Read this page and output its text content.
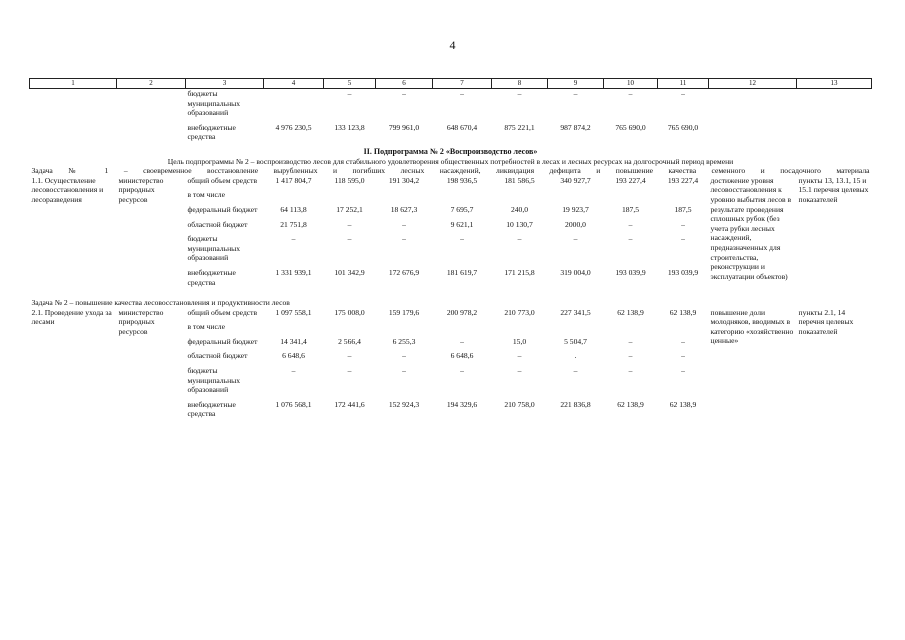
4
1	2	3	4	5	6	7	8	9	10	11	12	13
		бюджеты муниципальных образований		–	–	–	–	–	–	–		
		внебюджетные средства	4 976 230,5	133 123,8	799 961,0	648 670,4	875 221,1	987 874,2	765 690,0	765 690,0		
II. Подпрограмма № 2 «Воспроизводство лесов»												
Цель подпрограммы № 2 – воспроизводство лесов для стабильного удовлетворения общественных потребностей в лесах и лесных ресурсах на долгосрочный период времени												
Задача № 1 – своевременное восстановление вырубленных и погибших лесных насаждений, ликвидация дефицита и повышение качества семенного и посадочного материала												
1.1. Осуществление лесовосстановления и лесоразведения	министерство природных ресурсов	общий объем средств	1 417 804,7	118 595,0	191 304,2	198 936,5	181 586,5	340 927,7	193 227,4	193 227,4	достижение уровня лесовосстановления к уровню выбытия лесов в результате проведения сплошных рубок (без учета рубки лесных насаждений, предназначенных для строительства, реконструкции и эксплуатации объектов)	пункты 13, 13.1, 15 и 15.1 перечня целевых показателей
		в том числе										
		федеральный бюджет	64 113,8	17 252,1	18 627,3	7 695,7	240,0	19 923,7	187,5	187,5		
		областной бюджет	21 751,8	–	–	9 621,1	10 130,7	2000,0	–	–		
		бюджеты муниципальных образований	–	–	–	–	–	–	–	–		
		внебюджетные средства	1 331 939,1	101 342,9	172 676,9	181 619,7	171 215,8	319 004,0	193 039,9	193 039,9		
Задача № 2 – повышение качества лесовосстановления и продуктивности лесов												
2.1. Проведение ухода за лесами	министерство природных ресурсов	общий объем средств	1 097 558,1	175 008,0	159 179,6	200 978,2	210 773,0	227 341,5	62 138,9	62 138,9	повышение доли молодняков, вводимых в категорию «хозяйственно ценные»	пункты 2.1, 14 перечня целевых показателей
		в том числе										
		федеральный бюджет	14 341,4	2 566,4	6 255,3	–	15,0	5 504,7	–	–		
		областной бюджет	6 648,6	–	–	6 648,6	–	.	–	–		
		бюджеты муниципальных образований	–	–	–	–	–	–	–	–		
		внебюджетные средства	1 076 568,1	172 441,6	152 924,3	194 329,6	210 758,0	221 836,8	62 138,9	62 138,9		
